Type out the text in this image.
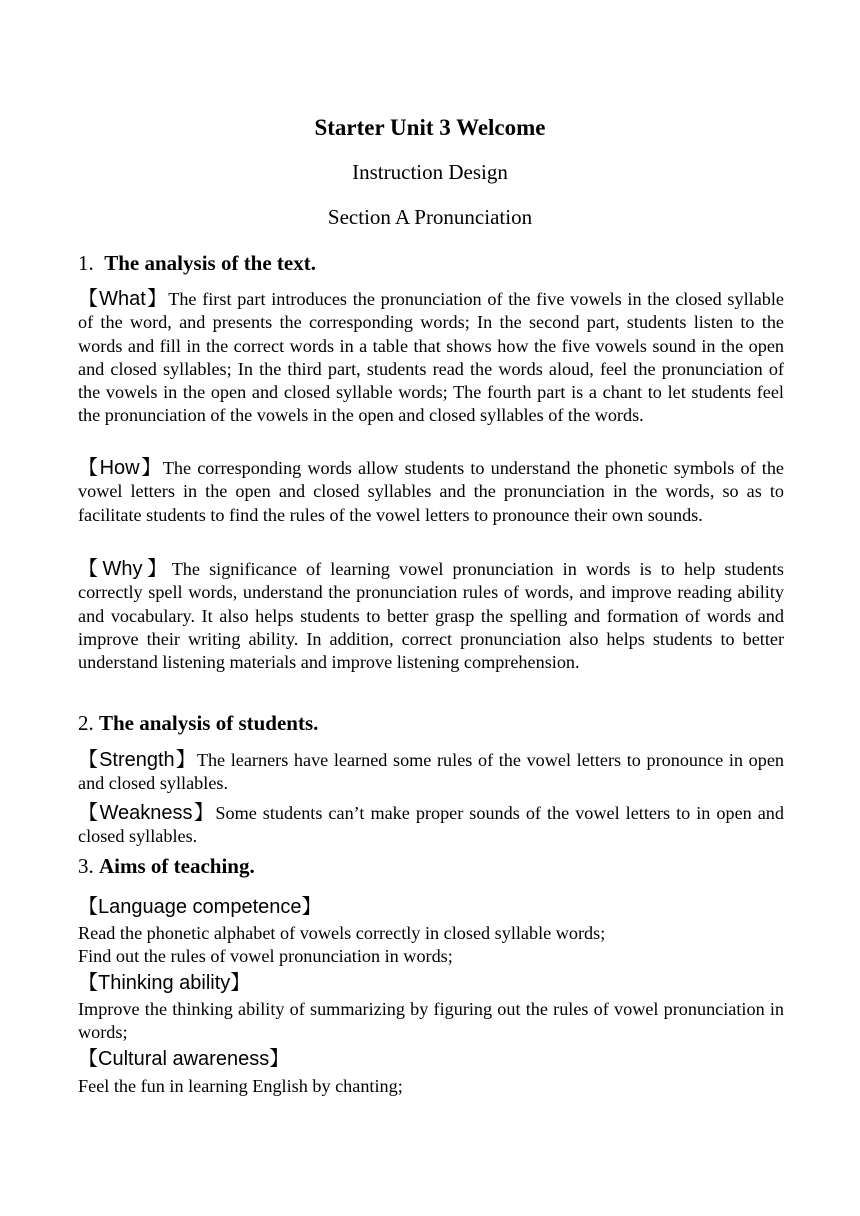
Starter Unit 3 Welcome
Instruction Design
Section A Pronunciation
1. The analysis of the text.
【What】The first part introduces the pronunciation of the five vowels in the closed syllable of the word, and presents the corresponding words; In the second part, students listen to the words and fill in the correct words in a table that shows how the five vowels sound in the open and closed syllables; In the third part, students read the words aloud, feel the pronunciation of the vowels in the open and closed syllable words; The fourth part is a chant to let students feel the pronunciation of the vowels in the open and closed syllables of the words.
【How】The corresponding words allow students to understand the phonetic symbols of the vowel letters in the open and closed syllables and the pronunciation in the words, so as to facilitate students to find the rules of the vowel letters to pronounce their own sounds.
【Why】The significance of learning vowel pronunciation in words is to help students correctly spell words, understand the pronunciation rules of words, and improve reading ability and vocabulary. It also helps students to better grasp the spelling and formation of words and improve their writing ability. In addition, correct pronunciation also helps students to better understand listening materials and improve listening comprehension.
2. The analysis of students.
【Strength】The learners have learned some rules of the vowel letters to pronounce in open and closed syllables.
【Weakness】Some students can’t make proper sounds of the vowel letters to in open and closed syllables.
3. Aims of teaching.
【Language competence】
Read the phonetic alphabet of vowels correctly in closed syllable words;
Find out the rules of vowel pronunciation in words;
【Thinking ability】
Improve the thinking ability of summarizing by figuring out the rules of vowel pronunciation in words;
【Cultural awareness】
Feel the fun in learning English by chanting;
